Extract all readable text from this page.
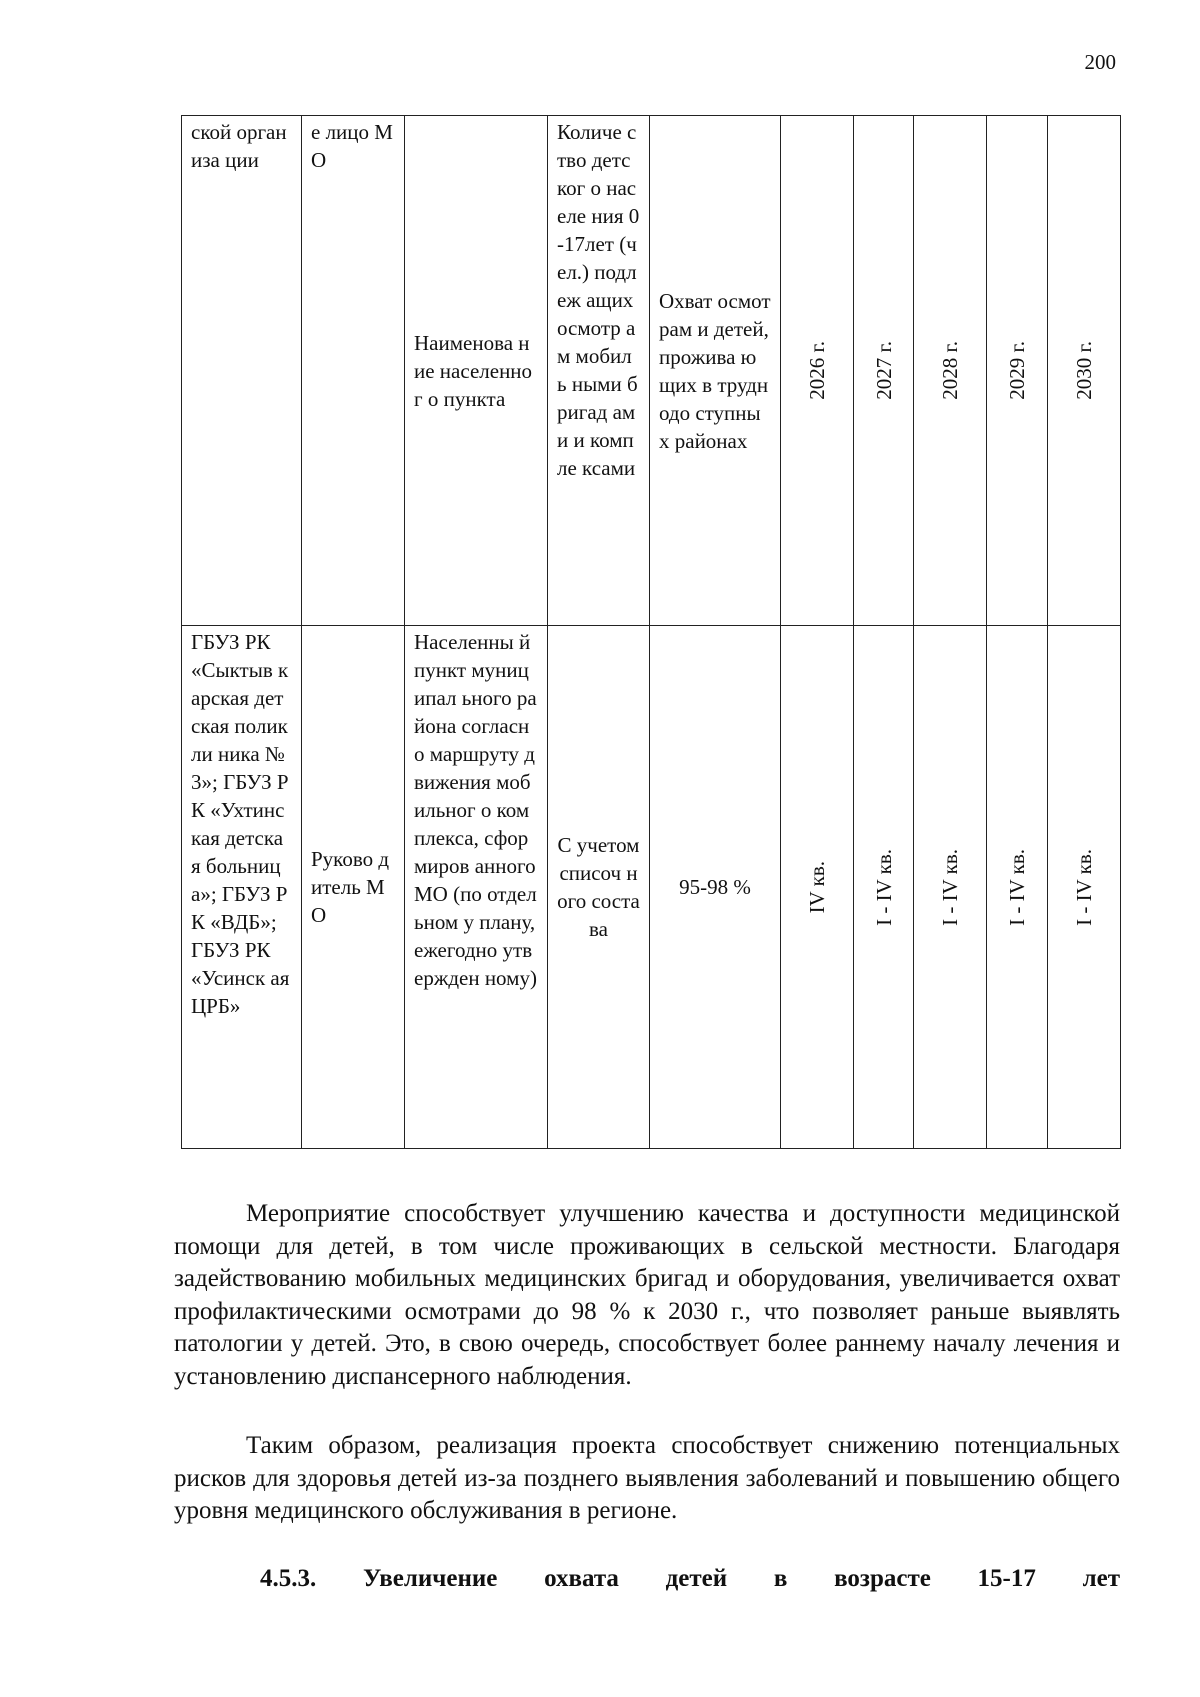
200
ской организа ции	е лицо МО	Наименова ние населенног о пункта	Количе ство детског о населе ния 0-17лет (чел.) подлеж ащих осмотр ам мобиль ными бригад ами и компле ксами	Охват осмотрам и детей, прожива ющих в труднодо ступных районах	2026 г.	2027 г.	2028 г.	2029 г.	2030 г.

ГБУЗ РК «Сыктыв карская детская поликли ника № 3»; ГБУЗ РК «Ухтинс кая детская больниц а»; ГБУЗ РК «ВДБ»; ГБУЗ РК «Усинск ая ЦРБ»	Руково дитель МО	Населенны й пункт муниципал ьного района согласно маршруту движения мобильног о комплекса, сформиров анного МО (по отдельном у плану, ежегодно утвержден ному)	С учетом списоч ного состава	95-98 %	IV кв.	I - IV кв.	I - IV кв.	I - IV кв.	I - IV кв.

Мероприятие способствует улучшению качества и доступности медицинской помощи для детей, в том числе проживающих в сельской местности. Благодаря задействованию мобильных медицинских бригад и оборудования, увеличивается охват профилактическими осмотрами до 98 % к 2030 г., что позволяет раньше выявлять патологии у детей. Это, в свою очередь, способствует более раннему началу лечения и установлению диспансерного наблюдения.

Таким образом, реализация проекта способствует снижению потенциальных рисков для здоровья детей из-за позднего выявления заболеваний и повышению общего уровня медицинского обслуживания в регионе.

4.5.3. Увеличение охвата детей в возрасте 15-17 лет
